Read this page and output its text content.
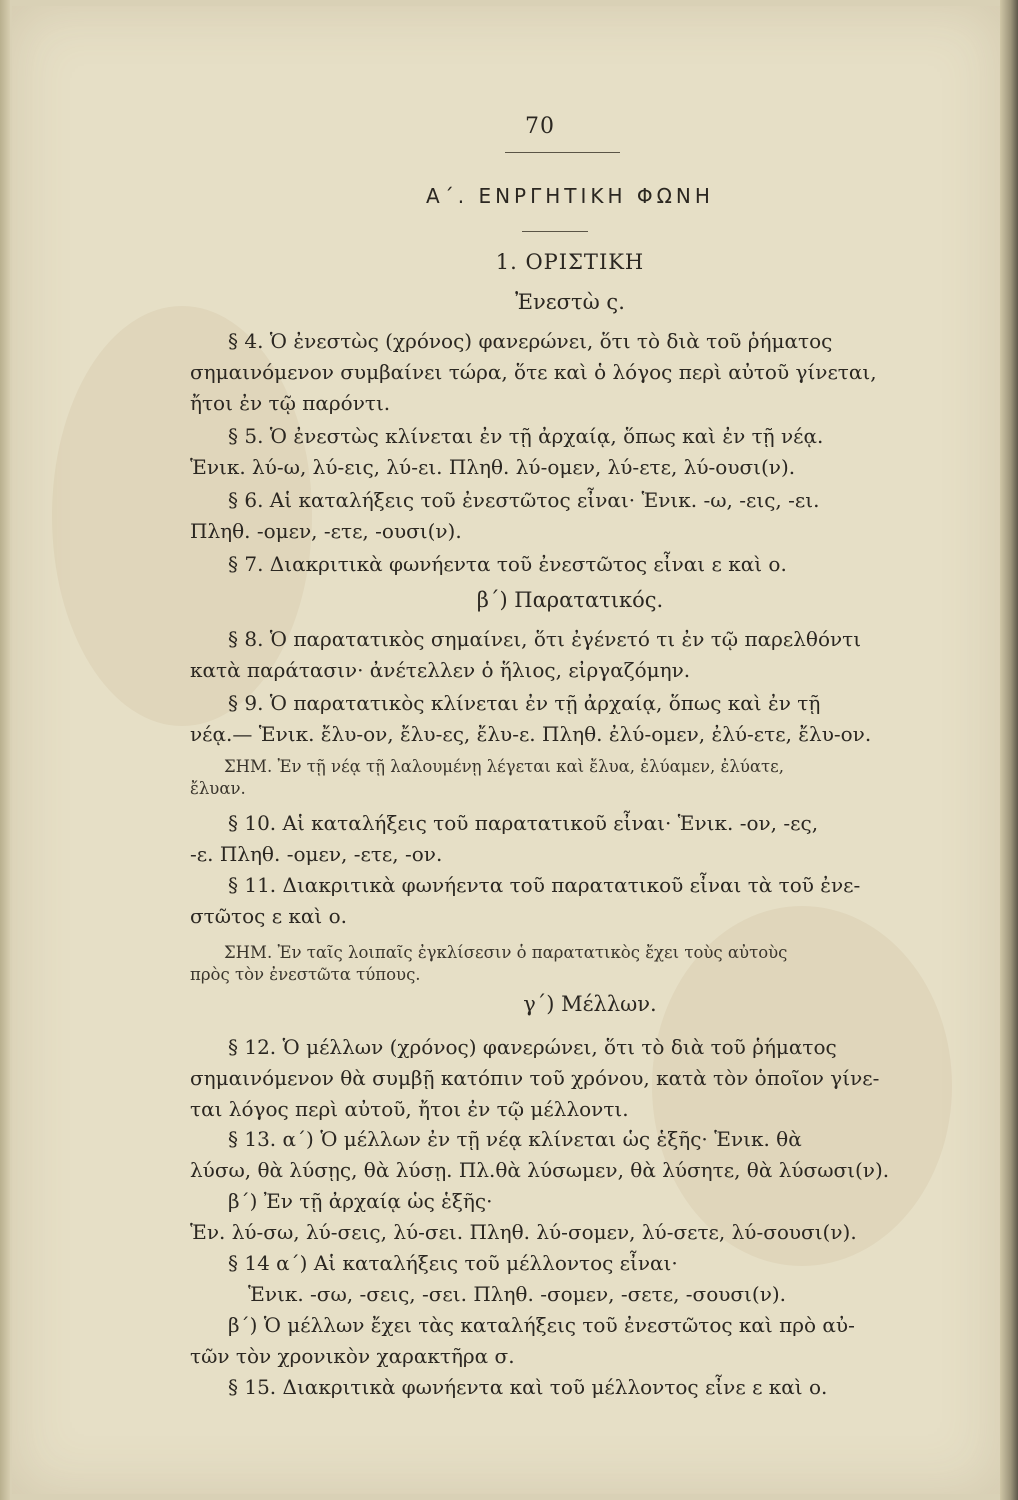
70
Α΄. ΕΝΡΓΗΤΙΚΗ ΦΩΝΗ
1. ΟΡΙΣΤΙΚΗ
Ἐνεστὼ ς.
§ 4. Ὁ ἐνεστὼς (χρόνος) φανερώνει, ὅτι τὸ διὰ τοῦ ῥήματος
σημαινόμενον συμβαίνει τώρα, ὅτε καὶ ὁ λόγος περὶ αὐτοῦ γίνεται,
ἤτοι ἐν τῷ παρόντι.
§ 5. Ὁ ἐνεστὼς κλίνεται ἐν τῇ ἀρχαίᾳ, ὅπως καὶ ἐν τῇ νέᾳ.
Ἑνικ. λύ-ω, λύ-εις, λύ-ει. Πληθ. λύ-ομεν, λύ-ετε, λύ-ουσι(ν).
§ 6. Αἱ καταλήξεις τοῦ ἐνεστῶτος εἶναι· Ἑνικ. -ω, -εις, -ει.
Πληθ. -ομεν, -ετε, -ουσι(ν).
§ 7. Διακριτικὰ φωνήεντα τοῦ ἐνεστῶτος εἶναι ε καὶ ο.
β΄) Παρατατικός.
§ 8. Ὁ παρατατικὸς σημαίνει, ὅτι ἐγένετό τι ἐν τῷ παρελθόντι
κατὰ παράτασιν· ἀνέτελλεν ὁ ἥλιος, εἰργαζόμην.
§ 9. Ὁ παρατατικὸς κλίνεται ἐν τῇ ἀρχαίᾳ, ὅπως καὶ ἐν τῇ
νέᾳ.— Ἑνικ. ἔλυ-ον, ἔλυ-ες, ἔλυ-ε. Πληθ. ἐλύ-ομεν, ἐλύ-ετε, ἔλυ-ον.
ΣΗΜ. Ἐν τῇ νέᾳ τῇ λαλουμένῃ λέγεται καὶ ἔλυα, ἐλύαμεν, ἐλύατε,
ἔλυαν.
§ 10. Αἱ καταλήξεις τοῦ παρατατικοῦ εἶναι· Ἑνικ. -ον, -ες,
-ε. Πληθ. -ομεν, -ετε, -ον.
§ 11. Διακριτικὰ φωνήεντα τοῦ παρατατικοῦ εἶναι τὰ τοῦ ἐνε-
στῶτος ε καὶ ο.
ΣΗΜ. Ἐν ταῖς λοιπαῖς ἐγκλίσεσιν ὁ παρατατικὸς ἔχει τοὺς αὐτοὺς
πρὸς τὸν ἐνεστῶτα τύπους.
γ΄) Μέλλων.
§ 12. Ὁ μέλλων (χρόνος) φανερώνει, ὅτι τὸ διὰ τοῦ ῥήματος
σημαινόμενον θὰ συμβῇ κατόπιν τοῦ χρόνου, κατὰ τὸν ὁποῖον γίνε-
ται λόγος περὶ αὐτοῦ, ἤτοι ἐν τῷ μέλλοντι.
§ 13. α΄) Ὁ μέλλων ἐν τῇ νέᾳ κλίνεται ὡς ἑξῆς· Ἑνικ. θὰ
λύσω, θὰ λύσῃς, θὰ λύσῃ. Πλ.θὰ λύσωμεν, θὰ λύσητε, θὰ λύσωσι(ν).
β΄) Ἐν τῇ ἀρχαίᾳ ὡς ἑξῆς·
Ἑν. λύ-σω, λύ-σεις, λύ-σει. Πληθ. λύ-σομεν, λύ-σετε, λύ-σουσι(ν).
§ 14 α΄) Αἱ καταλήξεις τοῦ μέλλοντος εἶναι·
Ἑνικ. -σω, -σεις, -σει. Πληθ. -σομεν, -σετε, -σουσι(ν).
β΄) Ὁ μέλλων ἔχει τὰς καταλήξεις τοῦ ἐνεστῶτος καὶ πρὸ αὐ-
τῶν τὸν χρονικὸν χαρακτῆρα σ.
§ 15. Διακριτικὰ φωνήεντα καὶ τοῦ μέλλοντος εἶνε ε καὶ ο.
